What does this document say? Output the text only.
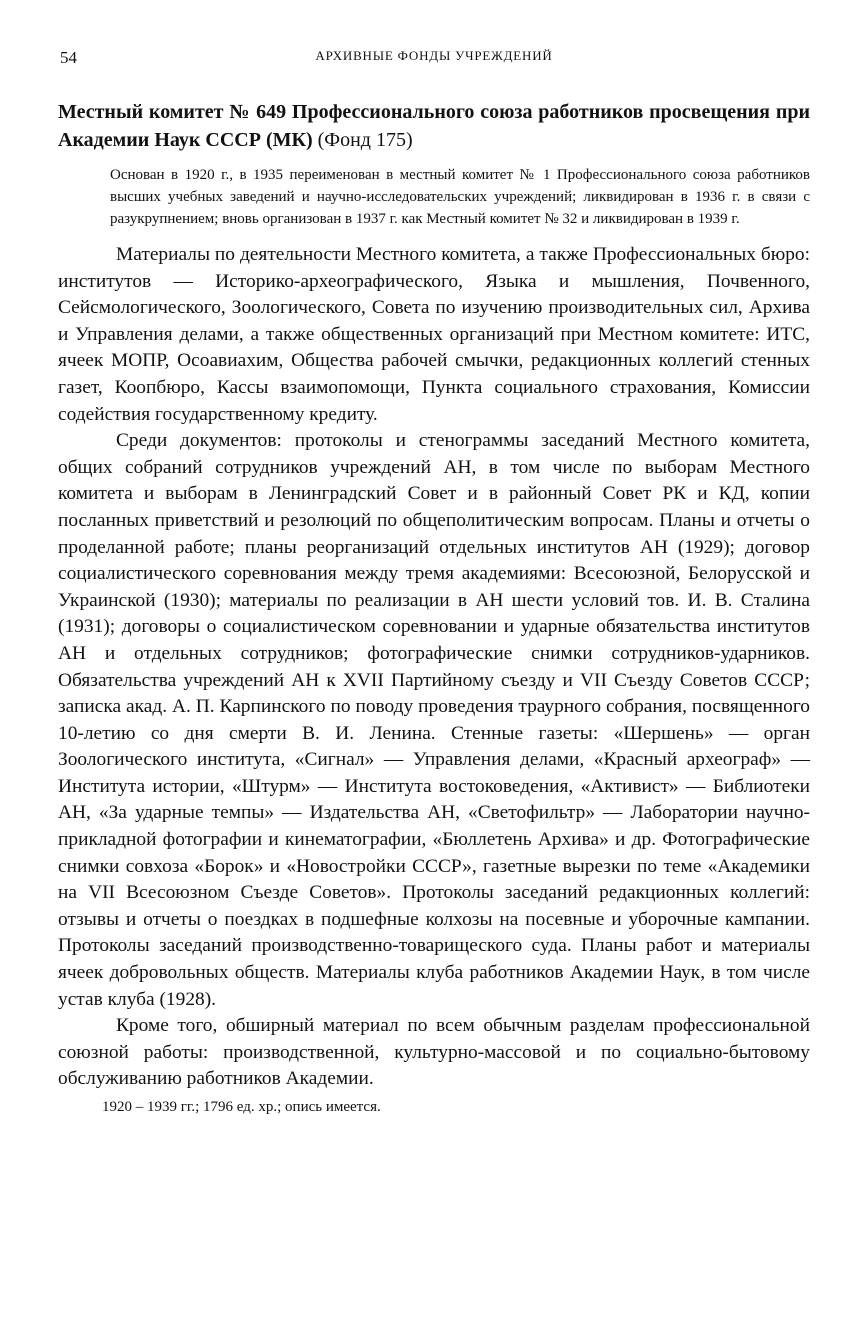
54	АРХИВНЫЕ ФОНДЫ УЧРЕЖДЕНИЙ
Местный комитет № 649 Профессионального союза работников просвещения при Академии Наук СССР (МК) (Фонд 175)

Основан в 1920 г., в 1935 переименован в местный комитет № 1 Профессионального союза работников высших учебных заведений и научно-исследовательских учреждений; ликвидирован в 1936 г. в связи с разукрупнением; вновь организован в 1937 г. как Местный комитет № 32 и ликвидирован в 1939 г.

Материалы по деятельности Местного комитета, а также Профессиональных бюро: институтов — Историко-археографического, Языка и мышления, Почвенного, Сейсмологического, Зоологического, Совета по изучению производительных сил, Архива и Управления делами, а также общественных организаций при Местном комитете: ИТС, ячеек МОПР, Осоавиахим, Общества рабочей смычки, редакционных коллегий стенных газет, Коопбюро, Кассы взаимопомощи, Пункта социального страхования, Комиссии содействия государственному кредиту.

Среди документов: протоколы и стенограммы заседаний Местного комитета, общих собраний сотрудников учреждений АН, в том числе по выборам Местного комитета и выборам в Ленинградский Совет и в районный Совет РК и КД, копии посланных приветствий и резолюций по общеполитическим вопросам. Планы и отчеты о проделанной работе; планы реорганизаций отдельных институтов АН (1929); договор социалистического соревнования между тремя академиями: Всесоюзной, Белорусской и Украинской (1930); материалы по реализации в АН шести условий тов. И. В. Сталина (1931); договоры о социалистическом соревновании и ударные обязательства институтов АН и отдельных сотрудников; фотографические снимки сотрудников-ударников. Обязательства учреждений АН к XVII Партийному съезду и VII Съезду Советов СССР; записка акад. А. П. Карпинского по поводу проведения траурного собрания, посвященного 10-летию со дня смерти В. И. Ленина. Стенные газеты: «Шершень» — орган Зоологического института, «Сигнал» — Управления делами, «Красный археограф» — Института истории, «Штурм» — Института востоковедения, «Активист» — Библиотеки АН, «За ударные темпы» — Издательства АН, «Светофильтр» — Лаборатории научно-прикладной фотографии и кинематографии, «Бюллетень Архива» и др. Фотографические снимки совхоза «Борок» и «Новостройки СССР», газетные вырезки по теме «Академики на VII Всесоюзном Съезде Советов». Протоколы заседаний редакционных коллегий: отзывы и отчеты о поездках в подшефные колхозы на посевные и уборочные кампании. Протоколы заседаний производственно-товарищеского суда. Планы работ и материалы ячеек добровольных обществ. Материалы клуба работников Академии Наук, в том числе устав клуба (1928).

Кроме того, обширный материал по всем обычным разделам профессиональной союзной работы: производственной, культурно-массовой и по социально-бытовому обслуживанию работников Академии.

1920 – 1939 гг.; 1796 ед. хр.; опись имеется.
